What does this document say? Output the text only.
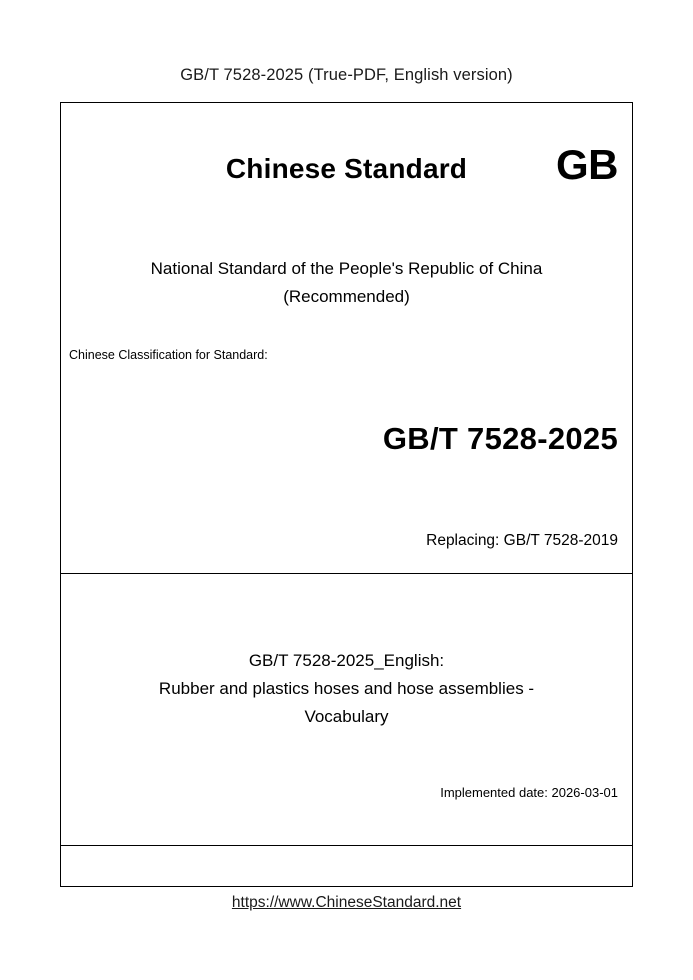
GB/T 7528-2025 (True-PDF, English version)
Chinese Standard	GB
National Standard of the People's Republic of China
(Recommended)
Chinese Classification for Standard:
GB/T 7528-2025
Replacing: GB/T 7528-2019
GB/T 7528-2025_English:
Rubber and plastics hoses and hose assemblies -
Vocabulary
Implemented date: 2026-03-01
https://www.ChineseStandard.net
